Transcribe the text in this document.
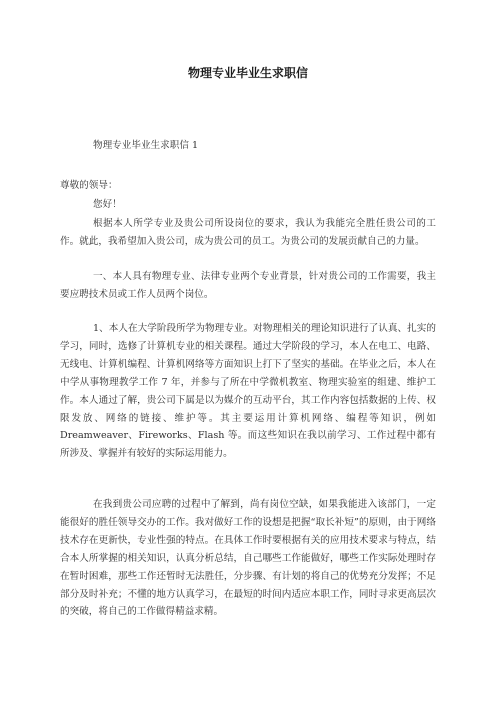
物理专业毕业生求职信
物理专业毕业生求职信 1
尊敬的领导：
您好！
根据本人所学专业及贵公司所设岗位的要求，我认为我能完全胜任贵公司的工作。就此，我希望加入贵公司，成为贵公司的员工。为贵公司的发展贡献自己的力量。
一、本人具有物理专业、法律专业两个专业背景，针对贵公司的工作需要，我主要应聘技术员或工作人员两个岗位。
1、本人在大学阶段所学为物理专业。对物理相关的理论知识进行了认真、扎实的学习，同时，选修了计算机专业的相关课程。通过大学阶段的学习，本人在电工、电路、无线电、计算机编程、计算机网络等方面知识上打下了坚实的基础。在毕业之后，本人在中学从事物理教学工作 7 年，并参与了所在中学微机教室、物理实验室的组建、维护工作。本人通过了解，贵公司下属是以为媒介的互动平台，其工作内容包括数据的上传、权限发放、网络的链接、维护等。其主要运用计算机网络、编程等知识，例如 Dreamweaver、Fireworks、Flash 等。而这些知识在我以前学习、工作过程中都有所涉及、掌握并有较好的实际运用能力。
在我到贵公司应聘的过程中了解到，尚有岗位空缺，如果我能进入该部门，一定能很好的胜任领导交办的工作。我对做好工作的设想是把握“取长补短”的原则，由于网络技术存在更新快，专业性强的特点。在具体工作时要根据有关的应用技术要求与特点，结合本人所掌握的相关知识，认真分析总结，自己哪些工作能做好，哪些工作实际处理时存在暂时困难，那些工作还暂时无法胜任，分步骤、有计划的将自己的优势充分发挥；不足部分及时补充；不懂的地方认真学习，在最短的时间内适应本职工作，同时寻求更高层次的突破，将自己的工作做得精益求精。
